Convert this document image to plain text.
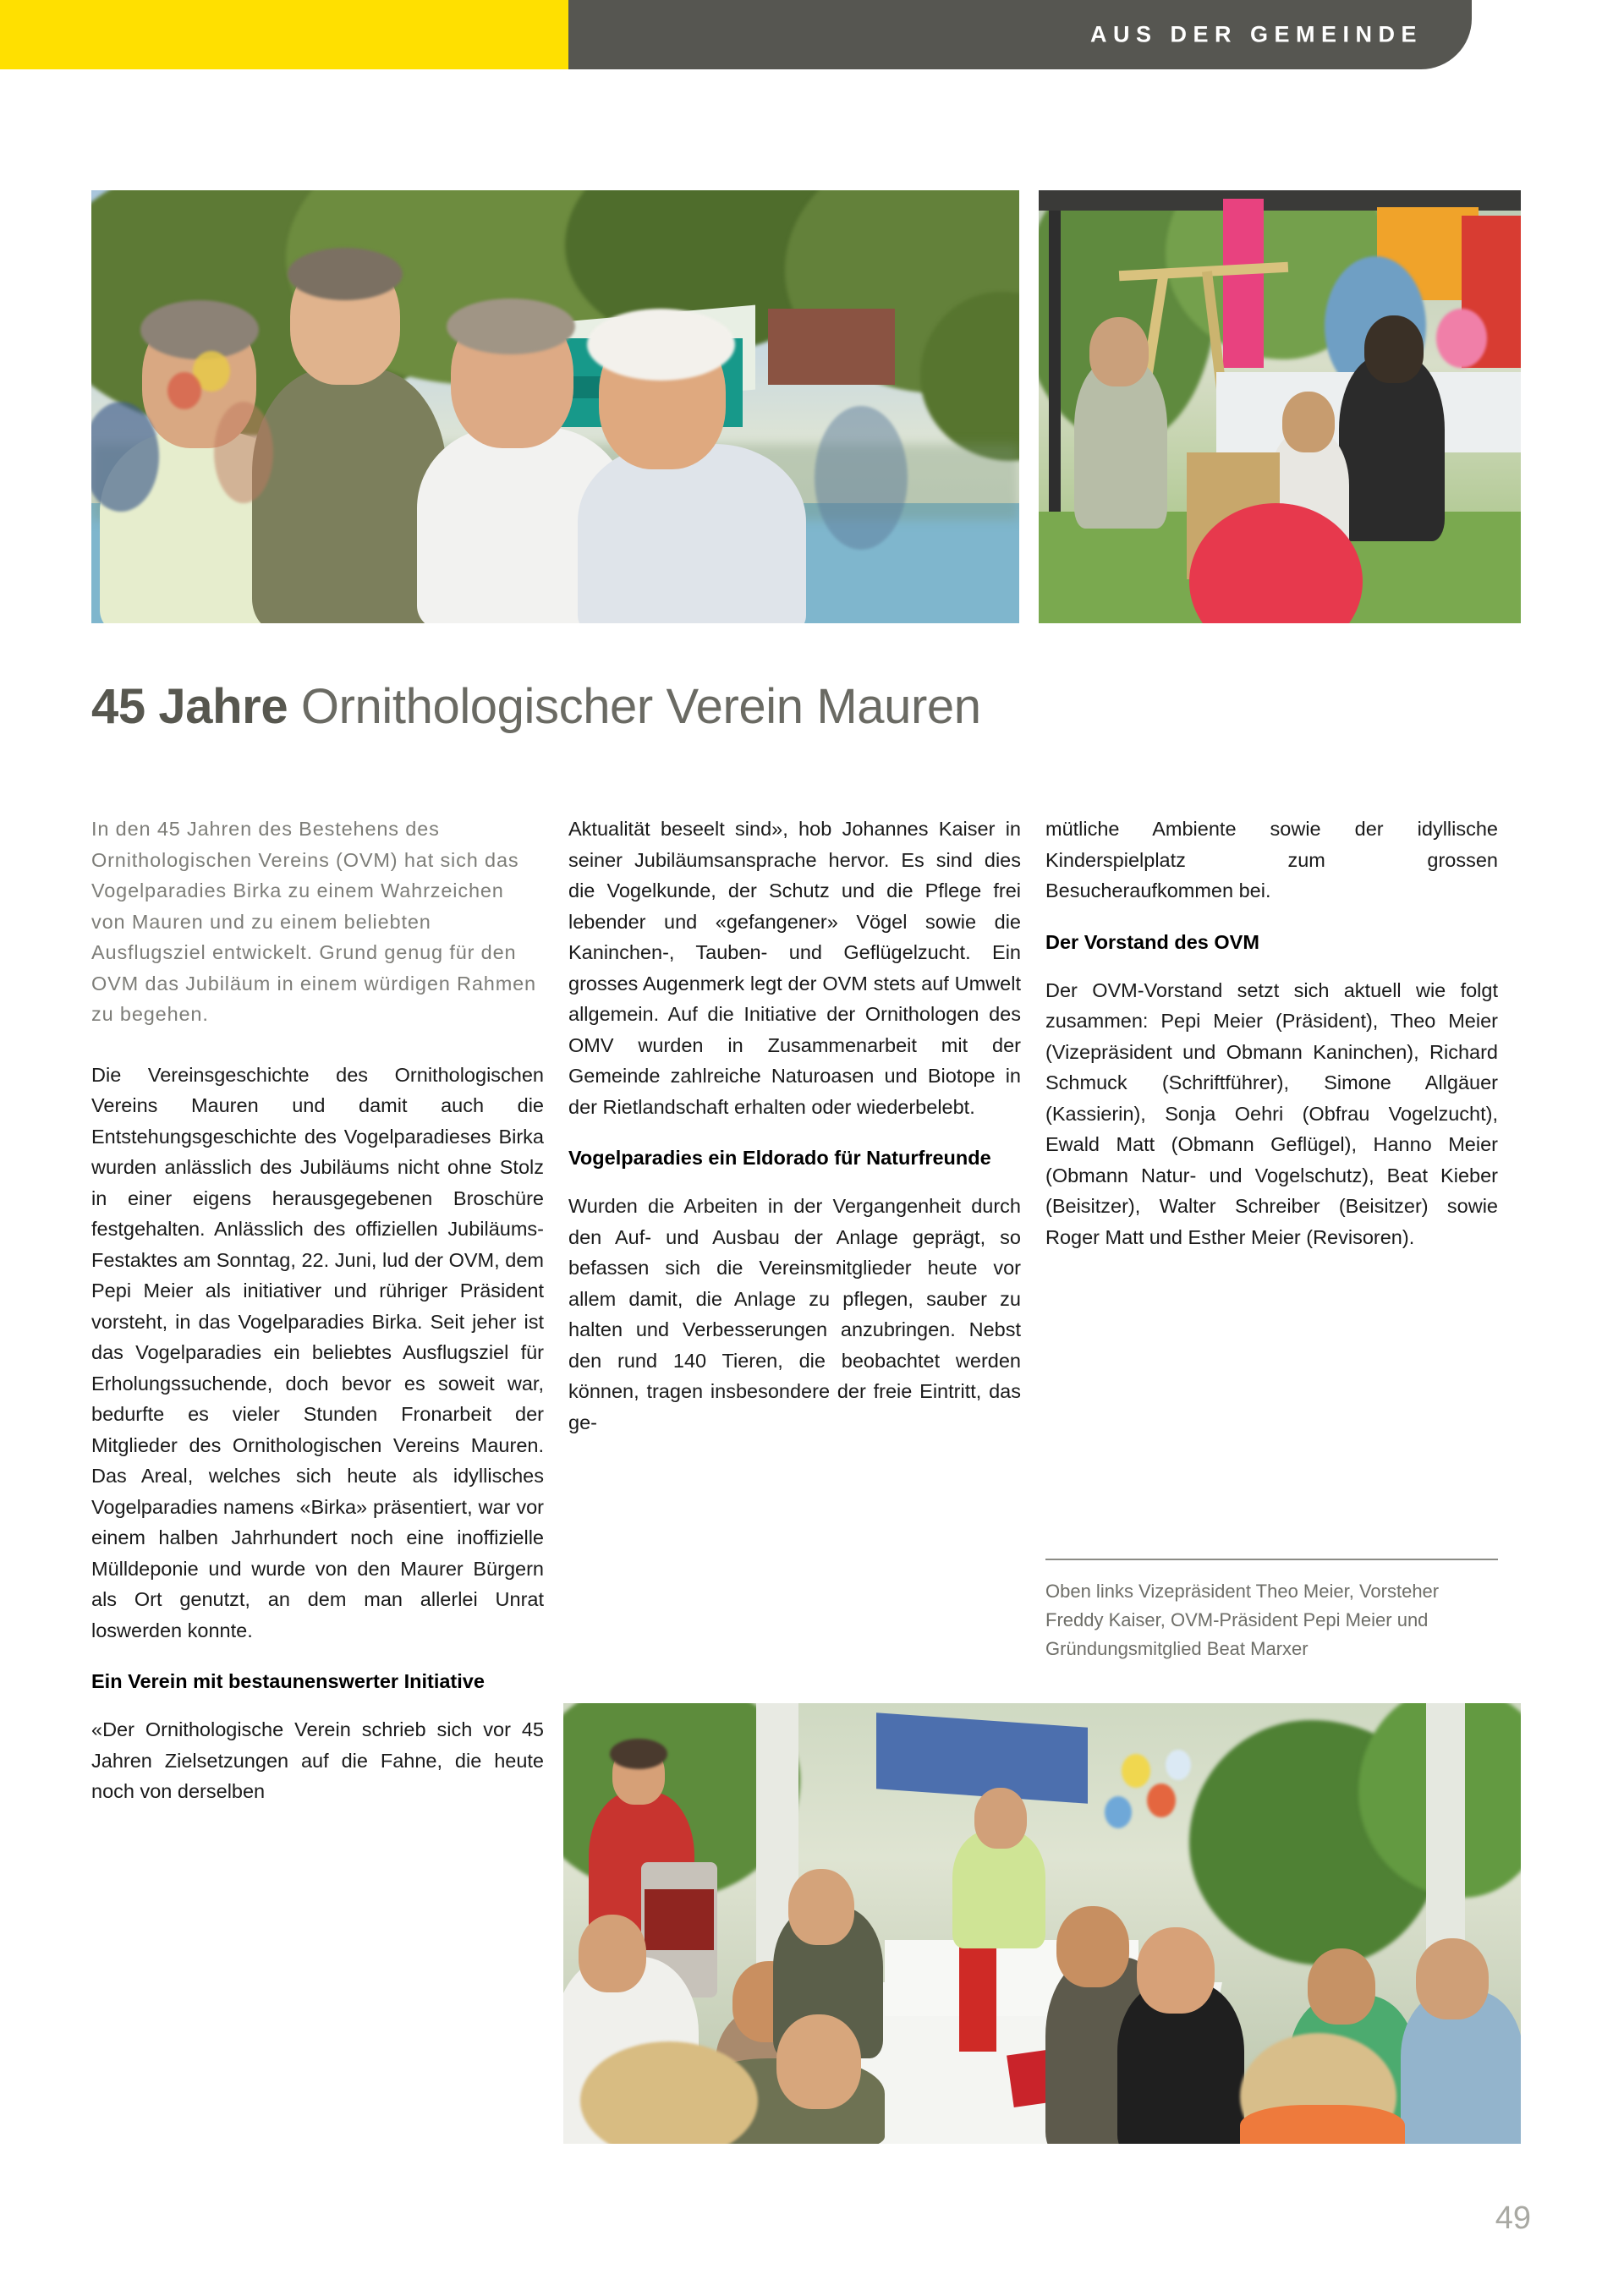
AUS DER GEMEINDE
45 Jahre Ornithologischer Verein Mauren

In den 45 Jahren des Bestehens des Ornithologischen Vereins (OVM) hat sich das Vogelparadies Birka zu einem Wahrzeichen von Mauren und zu einem beliebten Ausflugsziel entwickelt. Grund genug für den OVM das Jubiläum in einem würdigen Rahmen zu begehen.

Die Vereinsgeschichte des Ornithologischen Vereins Mauren und damit auch die Entstehungsgeschichte des Vogelparadieses Birka wurden anlässlich des Jubiläums nicht ohne Stolz in einer eigens herausgegebenen Broschüre festgehalten. Anlässlich des offiziellen Jubiläums-Festaktes am Sonntag, 22. Juni, lud der OVM, dem Pepi Meier als initiativer und rühriger Präsident vorsteht, in das Vogelparadies Birka. Seit jeher ist das Vogelparadies ein beliebtes Ausflugsziel für Erholungssuchende, doch bevor es soweit war, bedurfte es vieler Stunden Fronarbeit der Mitglieder des Ornithologischen Vereins Mauren. Das Areal, welches sich heute als idyllisches Vogelparadies namens «Birka» präsentiert, war vor einem halben Jahrhundert noch eine inoffizielle Mülldeponie und wurde von den Maurer Bürgern als Ort genutzt, an dem man allerlei Unrat loswerden konnte.

Ein Verein mit bestaunenswerter Initiative

«Der Ornithologische Verein schrieb sich vor 45 Jahren Zielsetzungen auf die Fahne, die heute noch von derselben

Aktualität beseelt sind», hob Johannes Kaiser in seiner Jubiläumsansprache hervor. Es sind dies die Vogelkunde, der Schutz und die Pflege frei lebender und «gefangener» Vögel sowie die Kaninchen-, Tauben- und Geflügelzucht. Ein grosses Augenmerk legt der OVM stets auf Umwelt allgemein. Auf die Initiative der Ornithologen des OMV wurden in Zusammenarbeit mit der Gemeinde zahlreiche Naturoasen und Biotope in der Rietlandschaft erhalten oder wiederbelebt.

Vogelparadies ein Eldorado für Naturfreunde

Wurden die Arbeiten in der Vergangenheit durch den Auf- und Ausbau der Anlage geprägt, so befassen sich die Vereinsmitglieder heute vor allem damit, die Anlage zu pflegen, sauber zu halten und Verbesserungen anzubringen. Nebst den rund 140 Tieren, die beobachtet werden können, tragen insbesondere der freie Eintritt, das ge-

mütliche Ambiente sowie der idyllische Kinderspielplatz zum grossen Besucheraufkommen bei.

Der Vorstand des OVM

Der OVM-Vorstand setzt sich aktuell wie folgt zusammen: Pepi Meier (Präsident), Theo Meier (Vizepräsident und Obmann Kaninchen), Richard Schmuck (Schriftführer), Simone Allgäuer (Kassierin), Sonja Oehri (Obfrau Vogelzucht), Ewald Matt (Obmann Geflügel), Hanno Meier (Obmann Natur- und Vogelschutz), Beat Kieber (Beisitzer), Walter Schreiber (Beisitzer) sowie Roger Matt und Esther Meier (Revisoren).

Oben links Vizepräsident Theo Meier, Vorsteher Freddy Kaiser, OVM-Präsident Pepi Meier und Gründungsmitglied Beat Marxer

49
